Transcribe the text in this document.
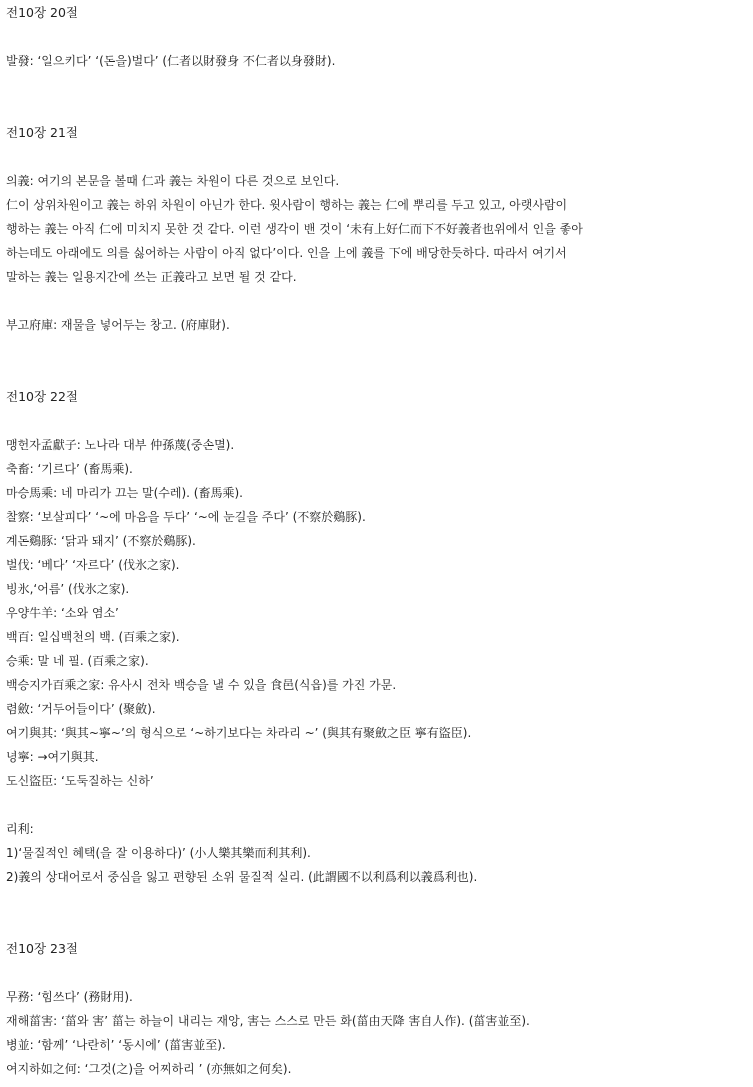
전10장 20절
발發: ‘일으키다’ ‘(돈을)벌다’ (仁者以財發身 不仁者以身發財).
전10장 21절
의義: 여기의 본문을 볼때 仁과 義는 차원이 다른 것으로 보인다.
仁이 상위차원이고 義는 하위 차원이 아닌가 한다. 윗사람이 행하는 義는 仁에 뿌리를 두고 있고, 아랫사람이
행하는 義는 아직 仁에 미치지 못한 것 같다. 이런 생각이 밴 것이 ‘未有上好仁而下不好義者也위에서 인을 좋아
하는데도 아래에도 의를 싫어하는 사람이 아직 없다’이다. 인을 上에 義를 下에 배당한듯하다. 따라서 여기서
말하는 義는 일용지간에 쓰는 正義라고 보면 될 것 같다.
부고府庫: 재물을 넣어두는 창고. (府庫財).
전10장 22절
맹헌자孟獻子: 노나라 대부 仲孫蔑(중손멸).
축畜: ‘기르다’ (畜馬乘).
마승馬乘: 네 마리가 끄는 말(수레). (畜馬乘).
찰察: ‘보살피다’ ‘~에 마음을 두다’ ‘~에 눈길을 주다’ (不察於鷄豚).
계돈鷄豚: ‘닭과 돼지’ (不察於鷄豚).
벌伐: ‘베다’ ‘자르다’ (伐氷之家).
빙氷,‘어름’ (伐氷之家).
우양牛羊: ‘소와 염소’
백百: 일십백천의 백. (百乘之家).
승乘: 말 네 필. (百乘之家).
백승지가百乘之家: 유사시 전차 백승을 낼 수 있을 食邑(식읍)를 가진 가문.
렴斂: ‘거두어들이다’ (聚斂).
여기與其: ‘與其~寧~’의 형식으로 ‘~하기보다는 차라리 ~’ (與其有聚斂之臣 寧有盜臣).
녕寧: →여기與其.
도신盜臣: ‘도둑질하는 신하’
리利:
1)‘물질적인 혜택(을 잘 이용하다)’ (小人樂其樂而利其利).
2)義의 상대어로서 중심을 잃고 편향된 소위 물질적 실리. (此謂國不以利爲利以義爲利也).
전10장 23절
무務: ‘힘쓰다’ (務財用).
재해菑害: ‘菑와 害’ 菑는 하늘이 내리는 재앙, 害는 스스로 만든 화(菑由天降 害自人作). (菑害並至).
병並: ‘함께’ ‘나란히’ ‘동시에’ (菑害並至).
여지하如之何: ‘그것(之)을 어찌하리 ’ (亦無如之何矣).
